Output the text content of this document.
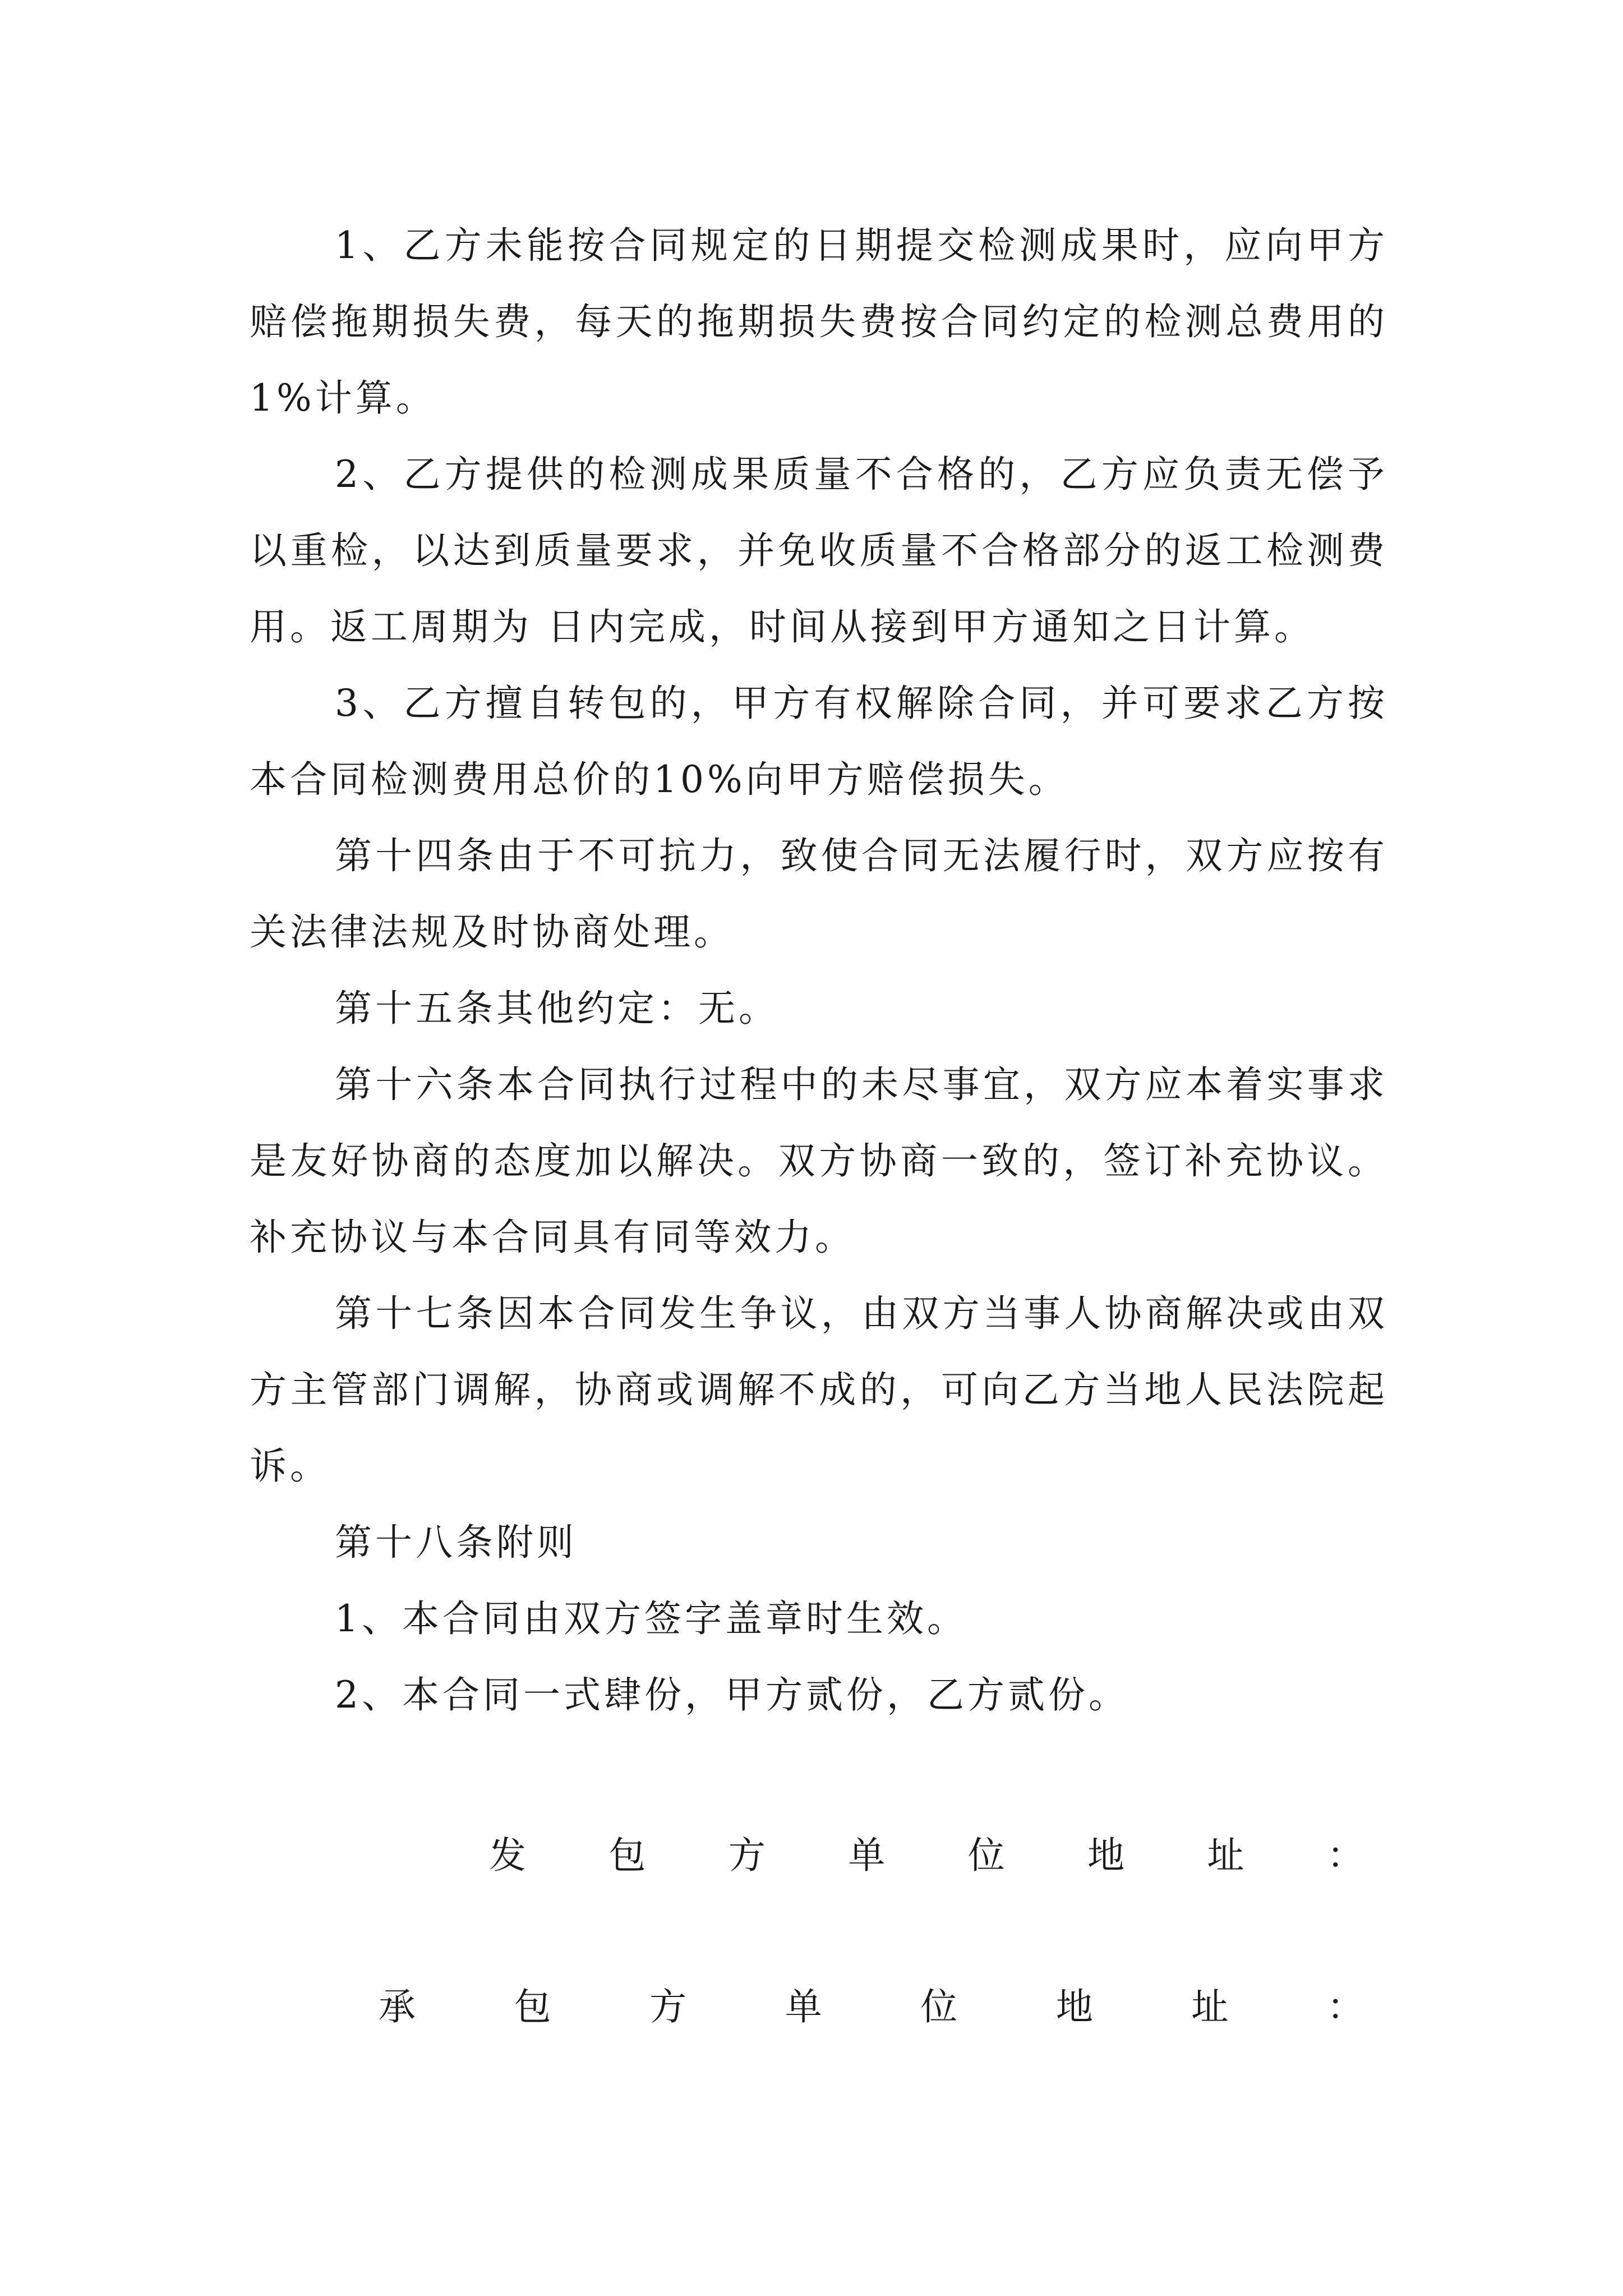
1、乙方未能按合同规定的日期提交检测成果时，应向甲方赔偿拖期损失费，每天的拖期损失费按合同约定的检测总费用的1%计算。

2、乙方提供的检测成果质量不合格的，乙方应负责无偿予以重检，以达到质量要求，并免收质量不合格部分的返工检测费用。返工周期为 日内完成，时间从接到甲方通知之日计算。

3、乙方擅自转包的，甲方有权解除合同，并可要求乙方按本合同检测费用总价的10%向甲方赔偿损失。

第十四条由于不可抗力，致使合同无法履行时，双方应按有关法律法规及时协商处理。

第十五条其他约定：无。

第十六条本合同执行过程中的未尽事宜，双方应本着实事求是友好协商的态度加以解决。双方协商一致的，签订补充协议。补充协议与本合同具有同等效力。

第十七条因本合同发生争议，由双方当事人协商解决或由双方主管部门调解，协商或调解不成的，可向乙方当地人民法院起诉。

第十八条附则

1、本合同由双方签字盖章时生效。

2、本合同一式肆份，甲方贰份，乙方贰份。

发 包 方 单 位 地 址 ：
承	包	方	单	位	地	址	：
